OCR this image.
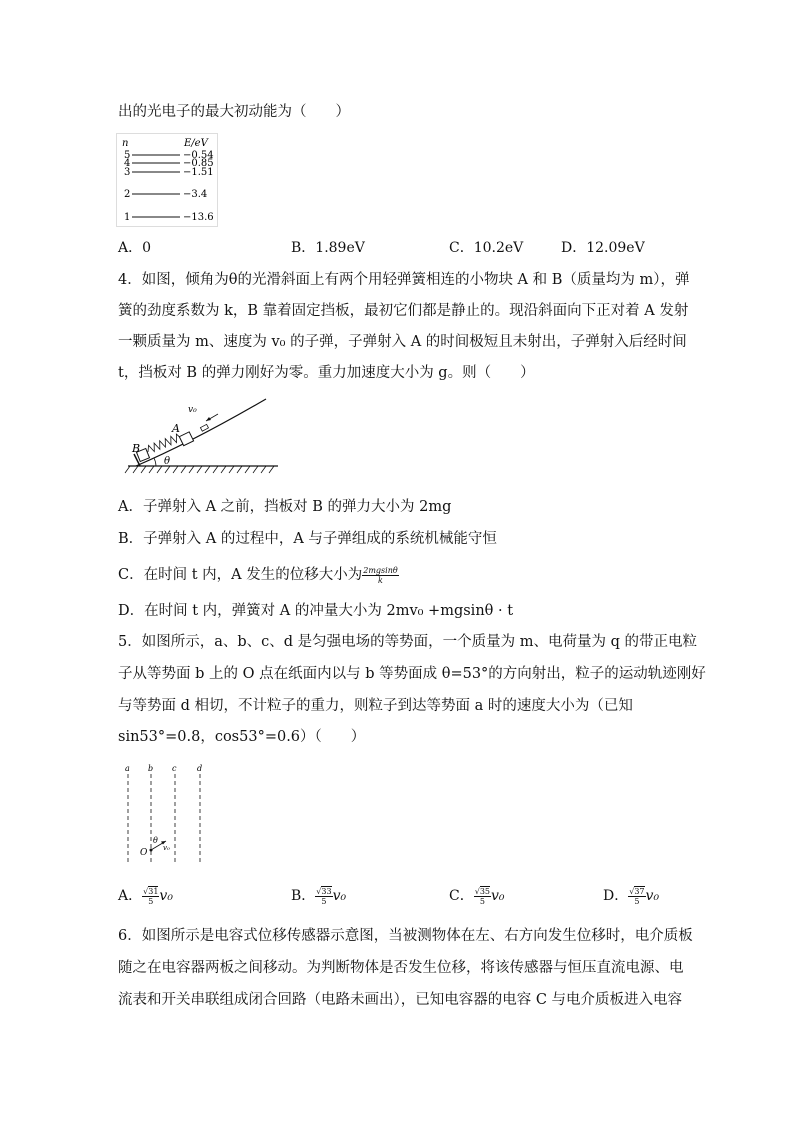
出的光电子的最大初动能为（　　）
n	E/eV
5	−0.54
4	−0.85
3	−1.51
2	−3.4
1	−13.6
A．0	B．1.89eV	C．10.2eV	D．12.09eV
4．如图，倾角为θ的光滑斜面上有两个用轻弹簧相连的小物块 A 和 B（质量均为 m），弹
簧的劲度系数为 k，B 靠着固定挡板，最初它们都是静止的。现沿斜面向下正对着 A 发射
一颗质量为 m、速度为 v₀ 的子弹，子弹射入 A 的时间极短且未射出，子弹射入后经时间
t，挡板对 B 的弹力刚好为零。重力加速度大小为 g。则（　　）
B
A
v₀
θ
A．子弹射入 A 之前，挡板对 B 的弹力大小为 2mg
B．子弹射入 A 的过程中，A 与子弹组成的系统机械能守恒
C．在时间 t 内，A 发生的位移大小为 $\frac{2mgsin\theta}{k}$
D．在时间 t 内，弹簧对 A 的冲量大小为 2mv₀ +mgsinθ · t
5．如图所示，a、b、c、d 是匀强电场的等势面，一个质量为 m、电荷量为 q 的带正电粒
子从等势面 b 上的 O 点在纸面内以与 b 等势面成 θ=53°的方向射出，粒子的运动轨迹刚好
与等势面 d 相切，不计粒子的重力，则粒子到达等势面 a 时的速度大小为（已知
sin53°=0.8，cos53°=0.6）（　　）
a b c	d
O
θ
v₀
A． $\frac{√31}{5} v_0$	B． $\frac{√33}{5} v_0$	C． $\frac{√35}{5} v_0$	D． $\frac{√37}{5} v_0$
6．如图所示是电容式位移传感器示意图，当被测物体在左、右方向发生位移时，电介质板
随之在电容器两板之间移动。为判断物体是否发生位移，将该传感器与恒压直流电源、电
流表和开关串联组成闭合回路（电路未画出），已知电容器的电容 C 与电介质板进入电容
